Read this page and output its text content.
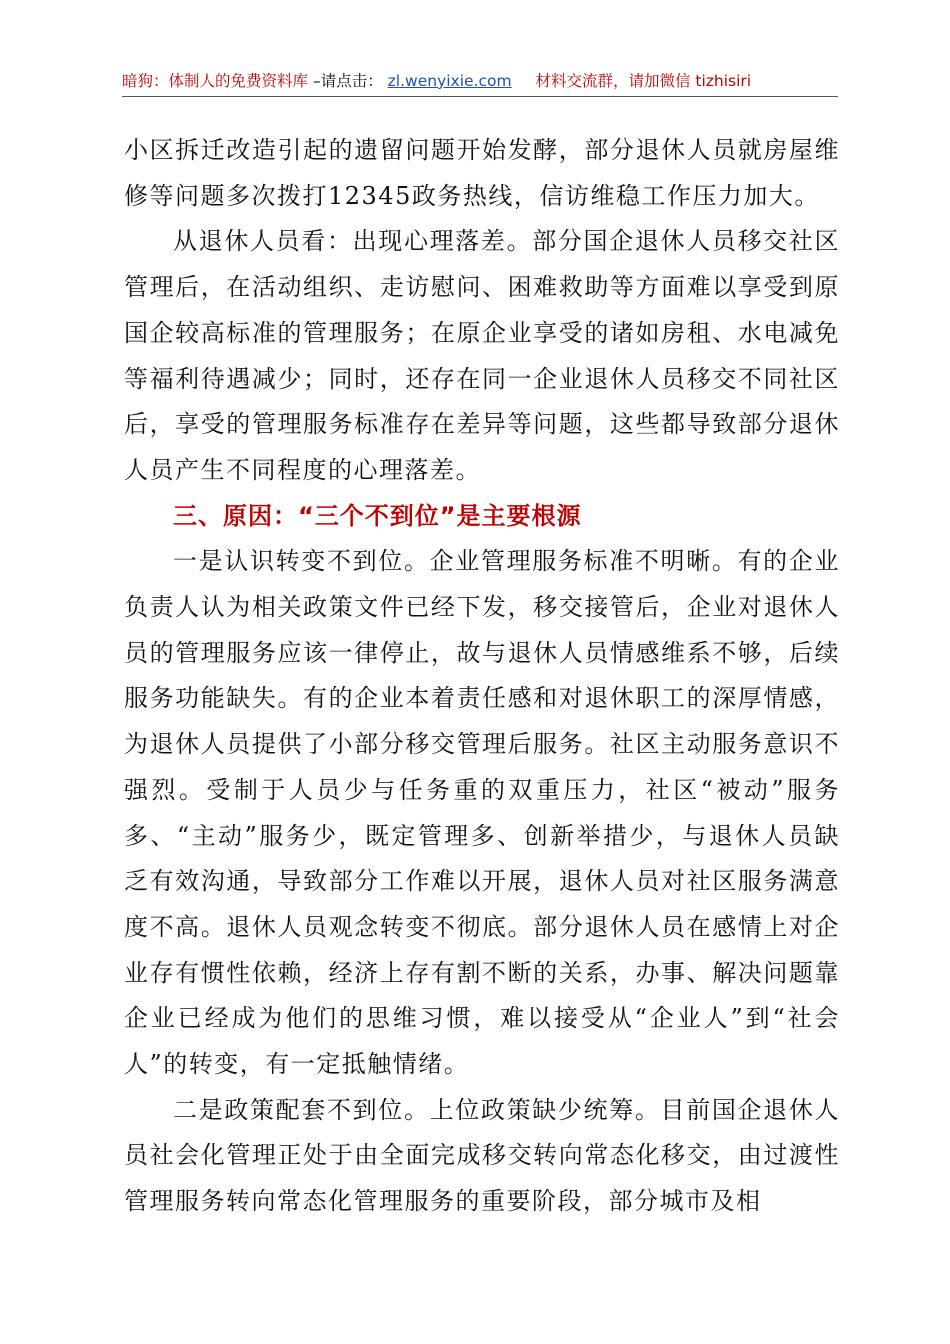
暗狗：体制人的免费资料库 –请点击： zl.wenyixie.com 材料交流群，请加微信 tizhisiri

小区拆迁改造引起的遗留问题开始发酵，部分退休人员就房屋维修等问题多次拨打12345政务热线，信访维稳工作压力加大。

从退休人员看：出现心理落差。部分国企退休人员移交社区管理后，在活动组织、走访慰问、困难救助等方面难以享受到原国企较高标准的管理服务；在原企业享受的诸如房租、水电减免等福利待遇减少；同时，还存在同一企业退休人员移交不同社区后，享受的管理服务标准存在差异等问题，这些都导致部分退休人员产生不同程度的心理落差。

三、原因：“三个不到位”是主要根源

一是认识转变不到位。企业管理服务标准不明晰。有的企业负责人认为相关政策文件已经下发，移交接管后，企业对退休人员的管理服务应该一律停止，故与退休人员情感维系不够，后续服务功能缺失。有的企业本着责任感和对退休职工的深厚情感，为退休人员提供了小部分移交管理后服务。社区主动服务意识不强烈。受制于人员少与任务重的双重压力，社区“被动”服务多、“主动”服务少，既定管理多、创新举措少，与退休人员缺乏有效沟通，导致部分工作难以开展，退休人员对社区服务满意度不高。退休人员观念转变不彻底。部分退休人员在感情上对企业存有惯性依赖，经济上存有割不断的关系，办事、解决问题靠企业已经成为他们的思维习惯，难以接受从“企业人”到“社会人”的转变，有一定抵触情绪。

二是政策配套不到位。上位政策缺少统筹。目前国企退休人员社会化管理正处于由全面完成移交转向常态化移交，由过渡性管理服务转向常态化管理服务的重要阶段，部分城市及相
